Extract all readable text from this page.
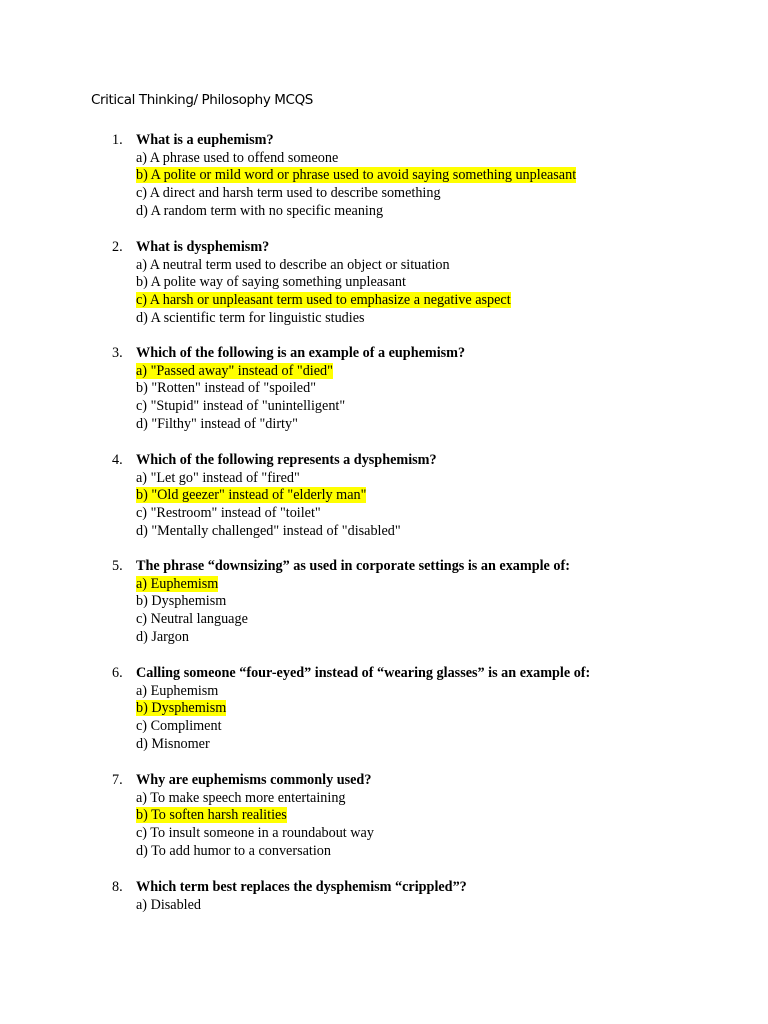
Critical Thinking/ Philosophy MCQS
1. What is a euphemism?
a) A phrase used to offend someone
b) A polite or mild word or phrase used to avoid saying something unpleasant
c) A direct and harsh term used to describe something
d) A random term with no specific meaning
2. What is dysphemism?
a) A neutral term used to describe an object or situation
b) A polite way of saying something unpleasant
c) A harsh or unpleasant term used to emphasize a negative aspect
d) A scientific term for linguistic studies
3. Which of the following is an example of a euphemism?
a) "Passed away" instead of "died"
b) "Rotten" instead of "spoiled"
c) "Stupid" instead of "unintelligent"
d) "Filthy" instead of "dirty"
4. Which of the following represents a dysphemism?
a) "Let go" instead of "fired"
b) "Old geezer" instead of "elderly man"
c) "Restroom" instead of "toilet"
d) "Mentally challenged" instead of "disabled"
5. The phrase “downsizing” as used in corporate settings is an example of:
a) Euphemism
b) Dysphemism
c) Neutral language
d) Jargon
6. Calling someone “four-eyed” instead of “wearing glasses” is an example of:
a) Euphemism
b) Dysphemism
c) Compliment
d) Misnomer
7. Why are euphemisms commonly used?
a) To make speech more entertaining
b) To soften harsh realities
c) To insult someone in a roundabout way
d) To add humor to a conversation
8. Which term best replaces the dysphemism “crippled”?
a) Disabled
